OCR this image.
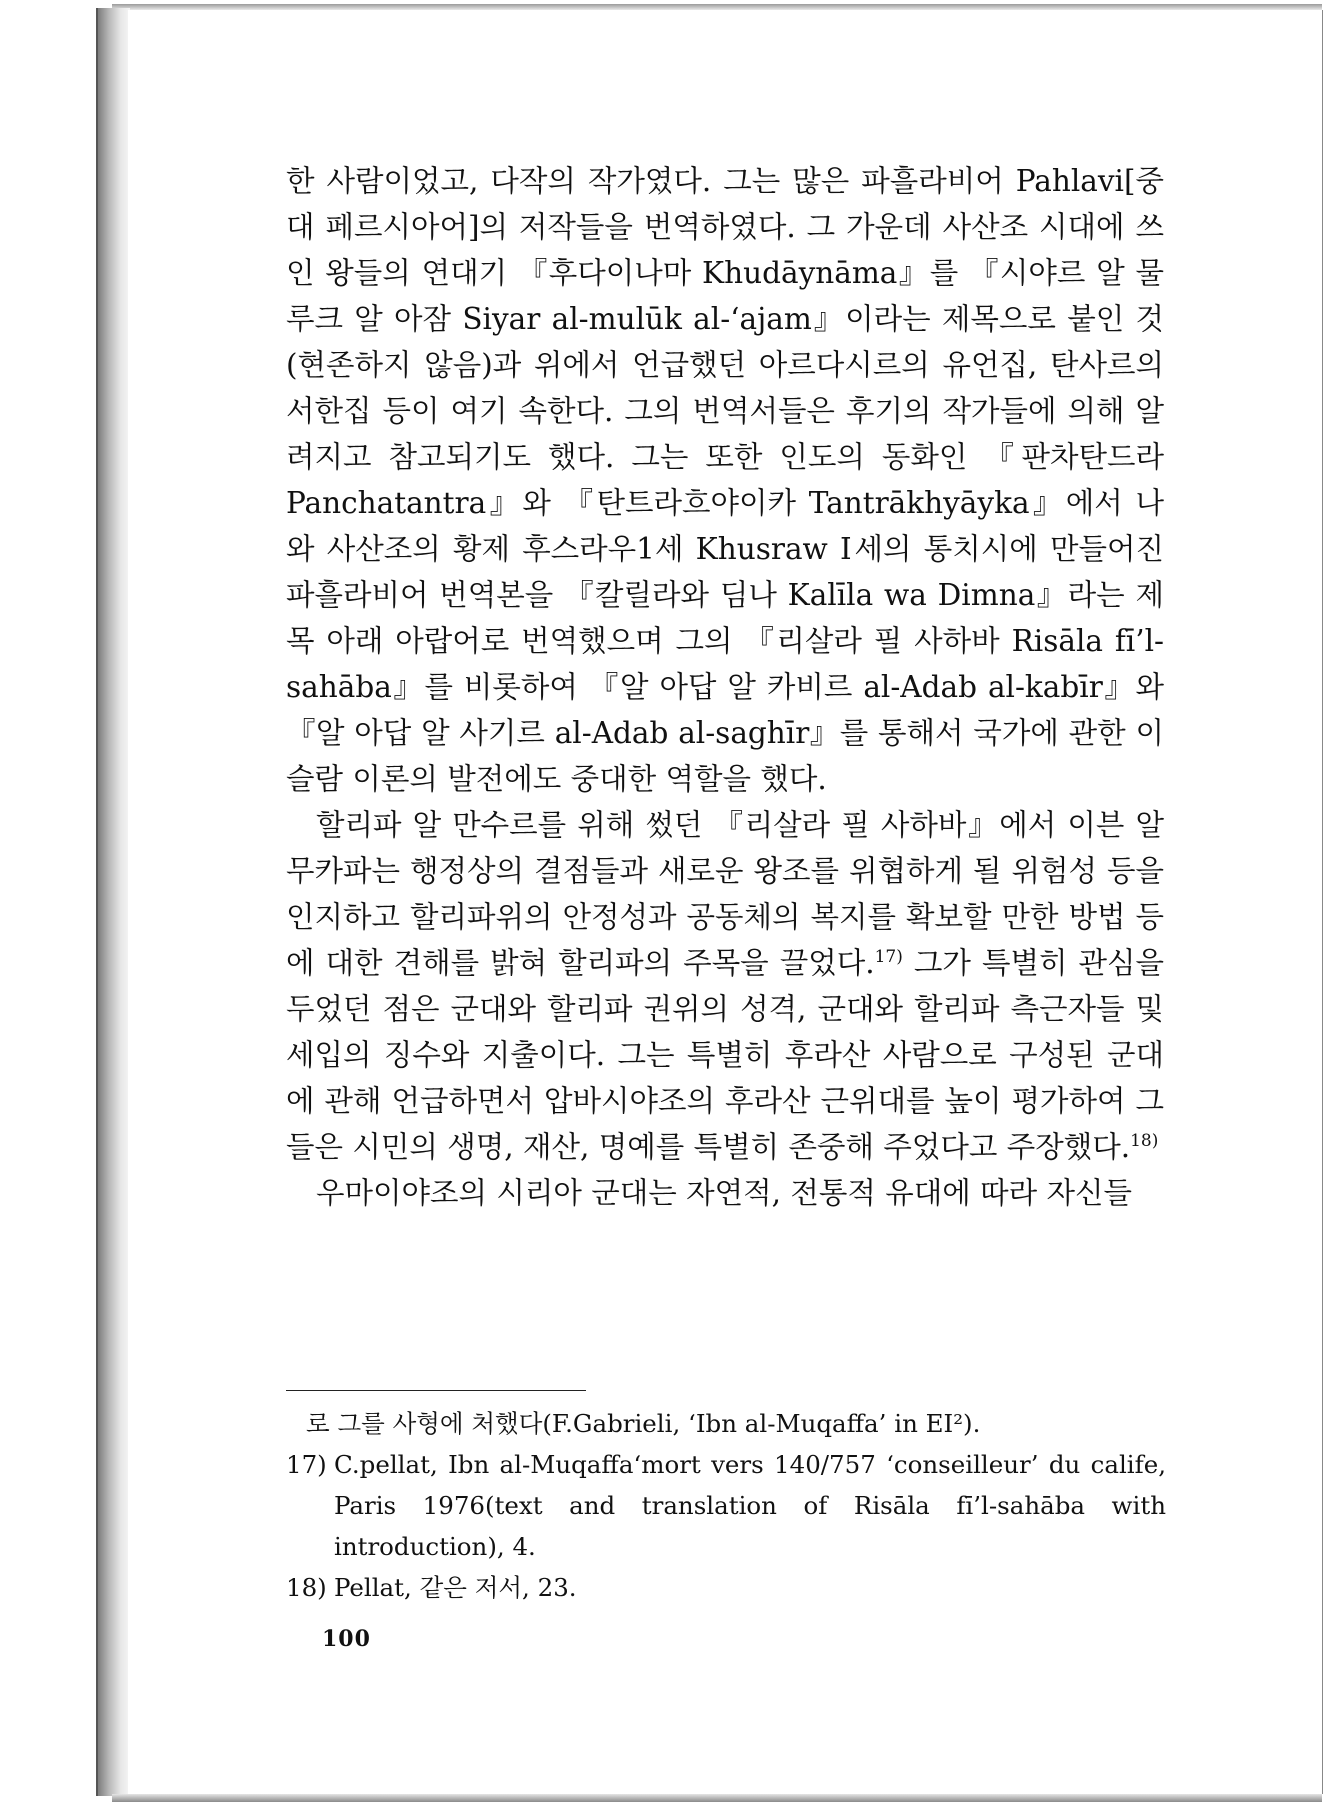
한 사람이었고, 다작의 작가였다. 그는 많은 파흘라비어 Pahlavi[중대 페르시아어]의 저작들을 번역하였다. 그 가운데 사산조 시대에 쓰인 왕들의 연대기 『후다이나마 Khudāynāma』를 『시야르 알 물루크 알 아잠 Siyar al-mulūk al-‘ajam』이라는 제목으로 붙인 것(현존하지 않음)과 위에서 언급했던 아르다시르의 유언집, 탄사르의 서한집 등이 여기 속한다. 그의 번역서들은 후기의 작가들에 의해 알려지고 참고되기도 했다. 그는 또한 인도의 동화인 『판차탄드라 Panchatantra』와 『탄트라흐야이카 Tantrākhyāyka』에서 나와 사산조의 황제 후스라우1세 Khusraw Ⅰ세의 통치시에 만들어진 파흘라비어 번역본을 『칼릴라와 딤나 Kalīla wa Dimna』라는 제목 아래 아랍어로 번역했으며 그의 『리살라 필 사하바 Risāla fī’l-sahāba』를 비롯하여 『알 아답 알 카비르 al-Adab al-kabīr』와 『알 아답 알 사기르 al-Adab al-saghīr』를 통해서 국가에 관한 이슬람 이론의 발전에도 중대한 역할을 했다.

할리파 알 만수르를 위해 썼던 『리살라 필 사하바』에서 이븐 알 무카파는 행정상의 결점들과 새로운 왕조를 위협하게 될 위험성 등을 인지하고 할리파위의 안정성과 공동체의 복지를 확보할 만한 방법 등에 대한 견해를 밝혀 할리파의 주목을 끌었다.$^{17)}$ 그가 특별히 관심을 두었던 점은 군대와 할리파 권위의 성격, 군대와 할리파 측근자들 및 세입의 징수와 지출이다. 그는 특별히 후라산 사람으로 구성된 군대에 관해 언급하면서 압바시야조의 후라산 근위대를 높이 평가하여 그들은 시민의 생명, 재산, 명예를 특별히 존중해 주었다고 주장했다.$^{18)}$

우마이야조의 시리아 군대는 자연적, 전통적 유대에 따라 자신들

로 그를 사형에 처했다(F.Gabrieli, ‘Ibn al-Muqaffa’ in EI²).
17) C.pellat, Ibn al-Muqaffa‘mort vers 140/757 ‘conseilleur’ du calife, Paris 1976(text and translation of Risāla fī’l-sahāba with introduction), 4.
18) Pellat, 같은 저서, 23.
100
